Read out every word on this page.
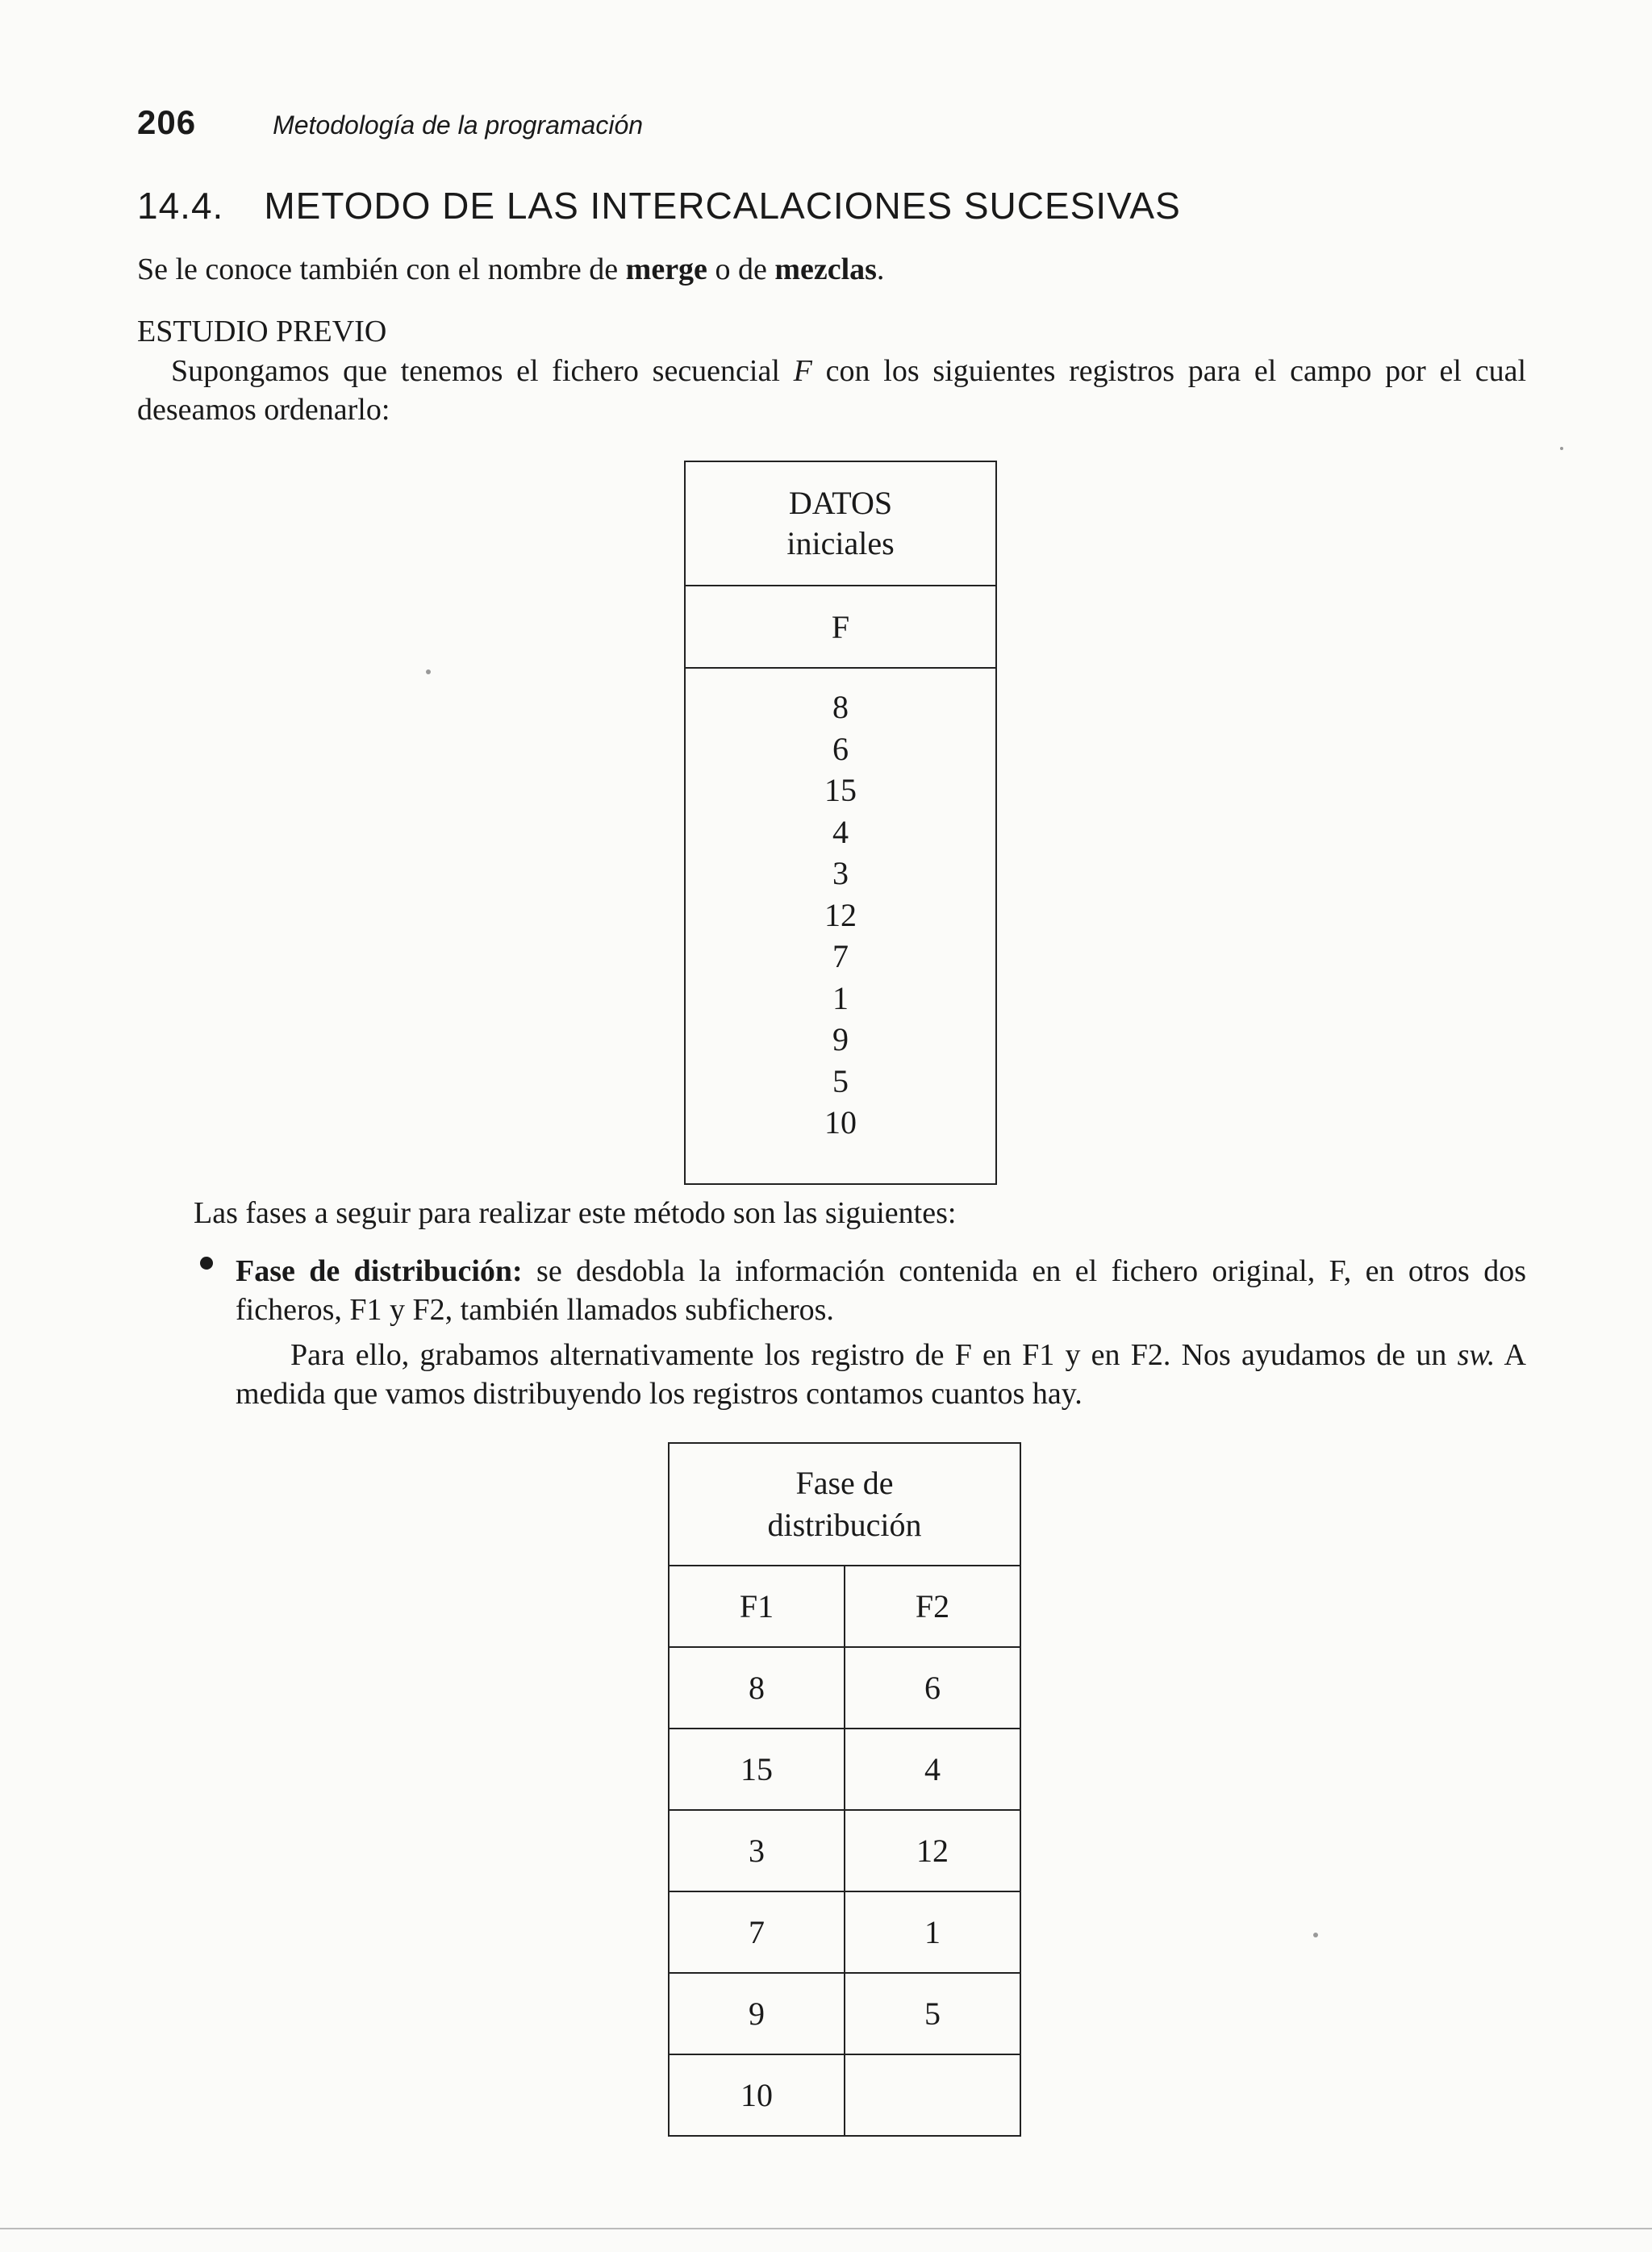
206	Metodología de la programación
14.4. METODO DE LAS INTERCALACIONES SUCESIVAS
Se le conoce también con el nombre de merge o de mezclas.
ESTUDIO PREVIO
Supongamos que tenemos el fichero secuencial F con los siguientes registros para el campo por el cual deseamos ordenarlo:
DATOS
iniciales
F

8
6
15
4
3
12
7
1
9
5
10
Las fases a seguir para realizar este método son las siguientes:
Fase de distribución: se desdobla la información contenida en el fichero original, F, en otros dos ficheros, F1 y F2, también llamados subficheros.
Para ello, grabamos alternativamente los registro de F en F1 y en F2. Nos ayudamos de un sw. A medida que vamos distribuyendo los registros contamos cuantos hay.
Fase de
distribución	
F1	F2
8	6
15	4
3	12
7	1
9	5
10	
